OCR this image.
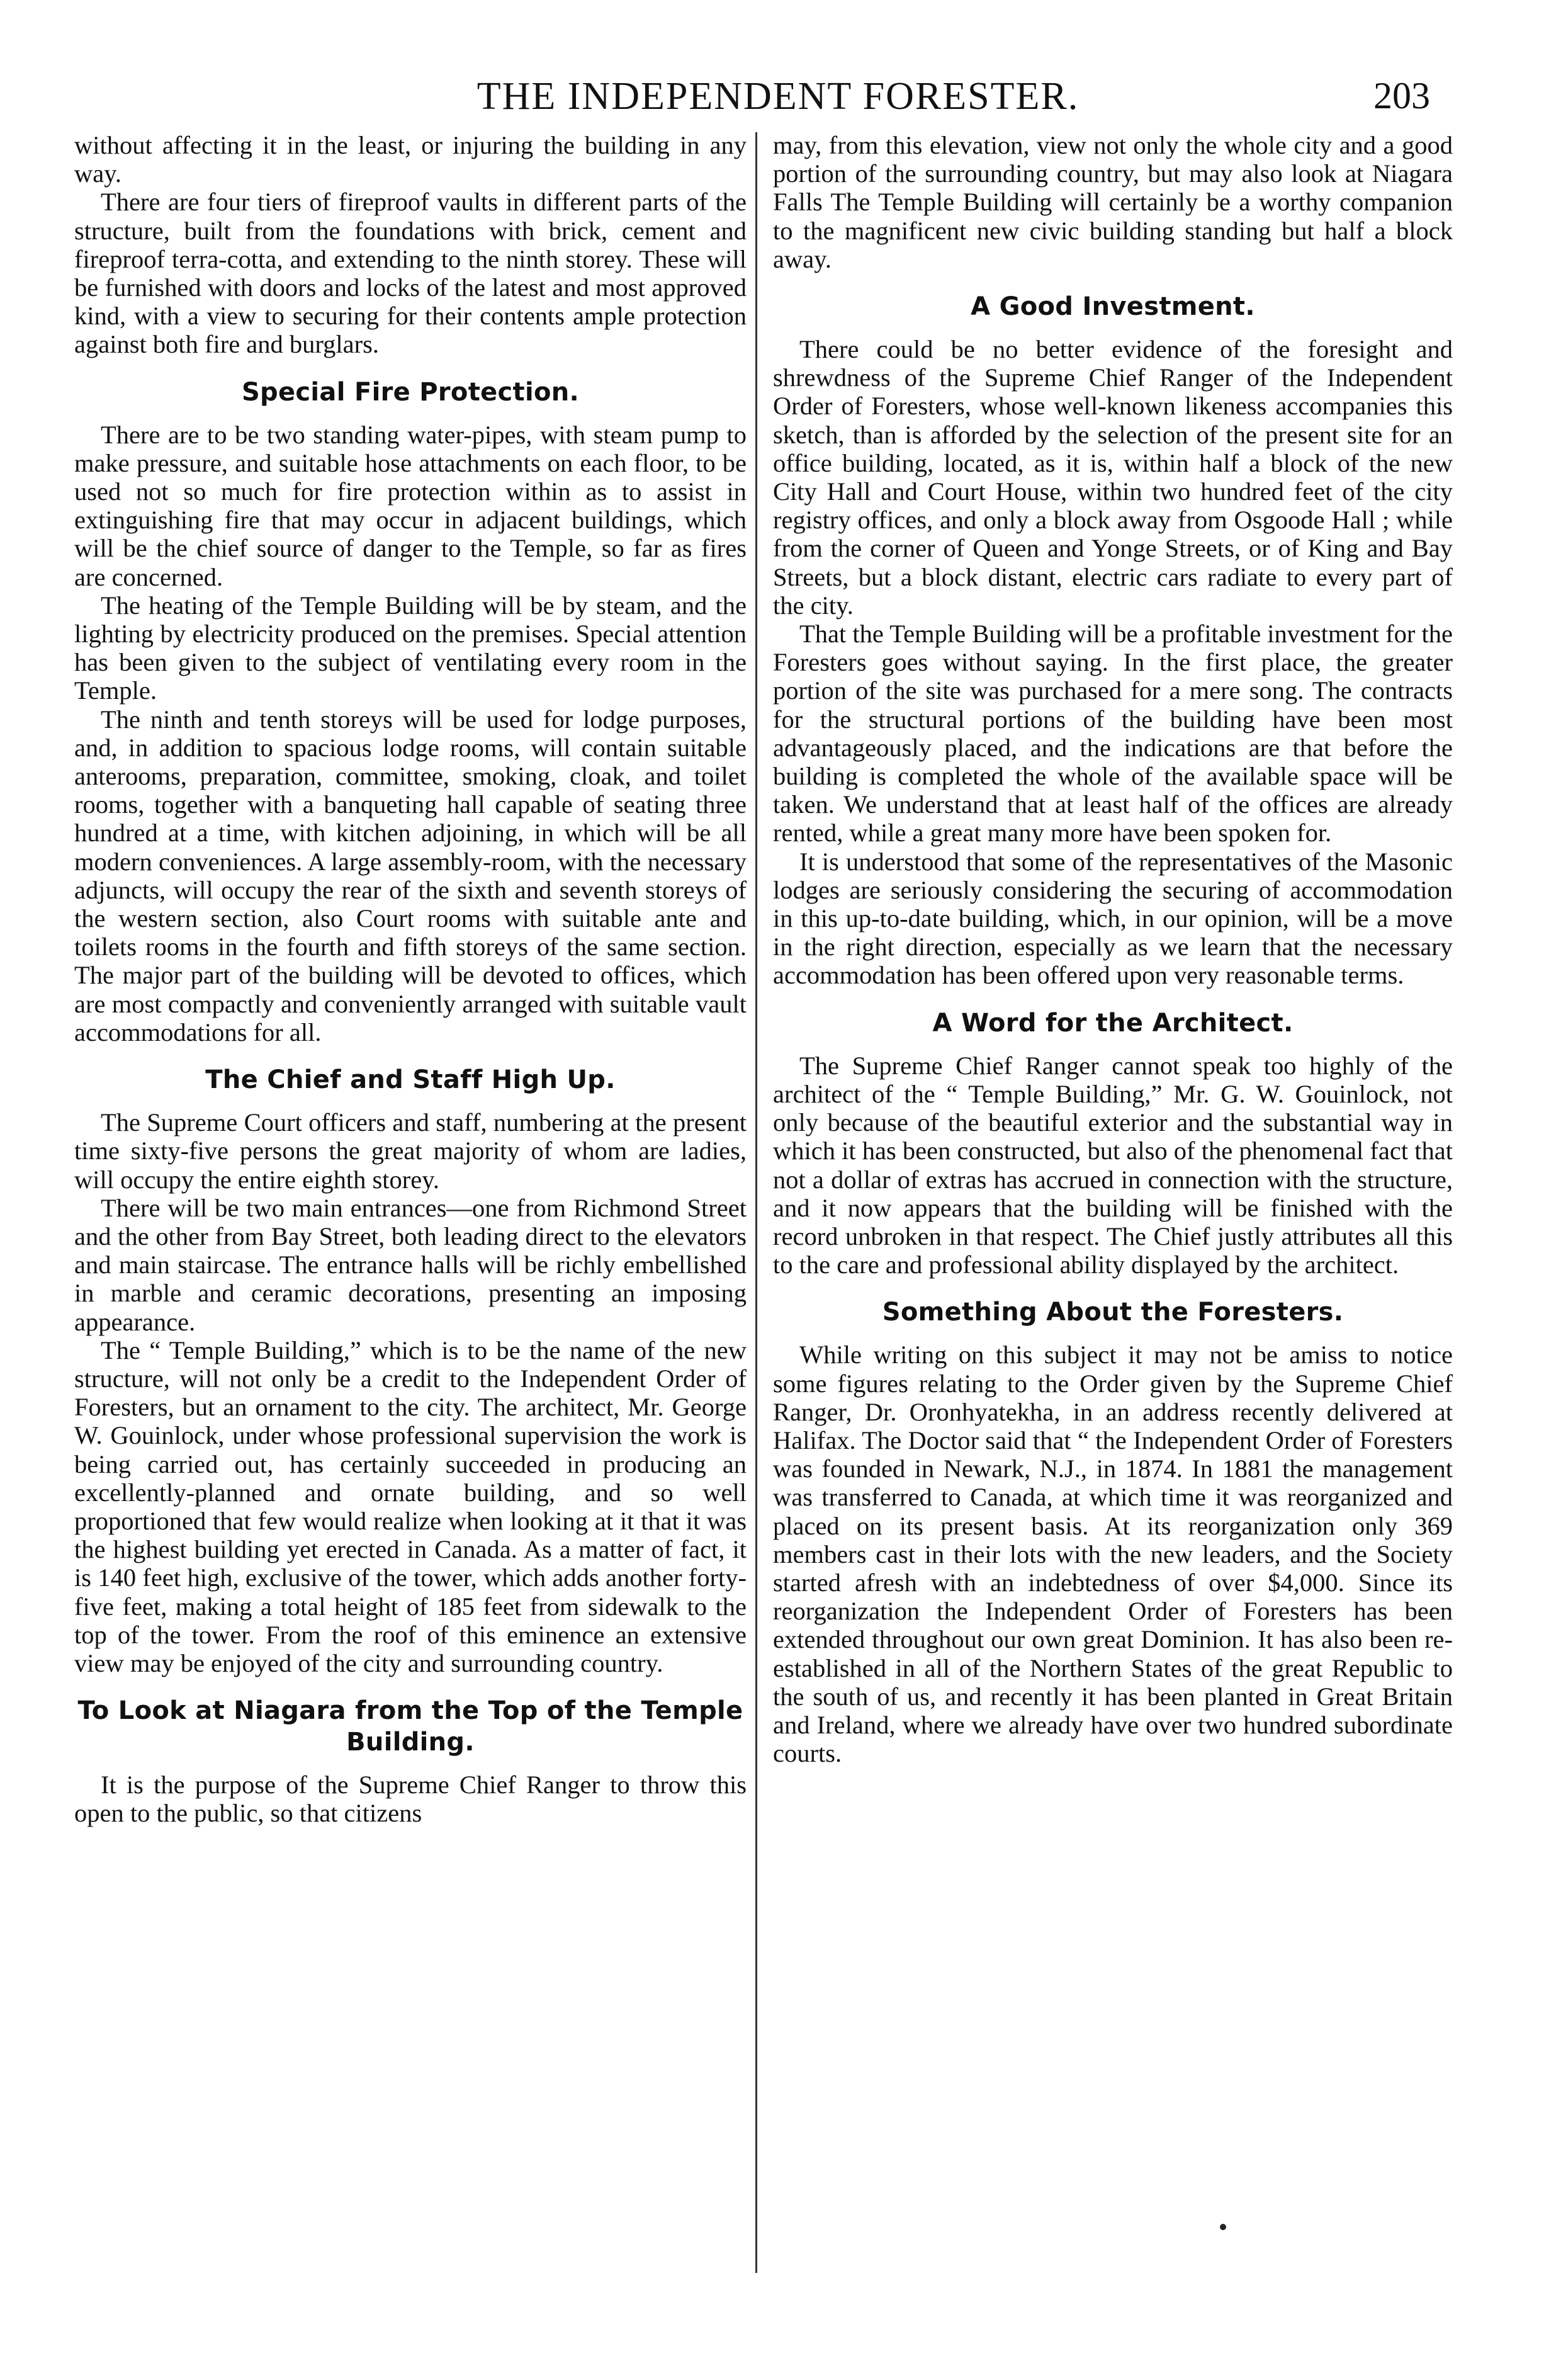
THE INDEPENDENT FORESTER.	203

without affecting it in the least, or injuring the building in any way.

There are four tiers of fireproof vaults in different parts of the structure, built from the foundations with brick, cement and fireproof terra-cotta, and extending to the ninth storey. These will be furnished with doors and locks of the latest and most approved kind, with a view to securing for their contents ample protection against both fire and burglars.

Special Fire Protection.

There are to be two standing water-pipes, with steam pump to make pressure, and suitable hose attachments on each floor, to be used not so much for fire protection within as to assist in extinguishing fire that may occur in adjacent buildings, which will be the chief source of danger to the Temple, so far as fires are concerned.

The heating of the Temple Building will be by steam, and the lighting by electricity produced on the premises. Special attention has been given to the subject of ventilating every room in the Temple.

The ninth and tenth storeys will be used for lodge purposes, and, in addition to spacious lodge rooms, will contain suitable anterooms, preparation, committee, smoking, cloak, and toilet rooms, together with a banqueting hall capable of seating three hundred at a time, with kitchen adjoining, in which will be all modern conveniences. A large assembly-room, with the necessary adjuncts, will occupy the rear of the sixth and seventh storeys of the western section, also Court rooms with suitable ante and toilets rooms in the fourth and fifth storeys of the same section. The major part of the building will be devoted to offices, which are most compactly and conveniently arranged with suitable vault accommodations for all.

The Chief and Staff High Up.

The Supreme Court officers and staff, numbering at the present time sixty-five persons the great majority of whom are ladies, will occupy the entire eighth storey.

There will be two main entrances—one from Richmond Street and the other from Bay Street, both leading direct to the elevators and main staircase. The entrance halls will be richly embellished in marble and ceramic decorations, presenting an imposing appearance.

The “ Temple Building,” which is to be the name of the new structure, will not only be a credit to the Independent Order of Foresters, but an ornament to the city. The architect, Mr. George W. Gouinlock, under whose professional supervision the work is being carried out, has certainly succeeded in producing an excellently-planned and ornate building, and so well proportioned that few would realize when looking at it that it was the highest building yet erected in Canada. As a matter of fact, it is 140 feet high, exclusive of the tower, which adds another forty-five feet, making a total height of 185 feet from sidewalk to the top of the tower. From the roof of this eminence an extensive view may be enjoyed of the city and surrounding country.

To Look at Niagara from the Top of the Temple Building.

It is the purpose of the Supreme Chief Ranger to throw this open to the public, so that citizens

may, from this elevation, view not only the whole city and a good portion of the surrounding country, but may also look at Niagara Falls The Temple Building will certainly be a worthy companion to the magnificent new civic building standing but half a block away.

A Good Investment.

There could be no better evidence of the foresight and shrewdness of the Supreme Chief Ranger of the Independent Order of Foresters, whose well-known likeness accompanies this sketch, than is afforded by the selection of the present site for an office building, located, as it is, within half a block of the new City Hall and Court House, within two hundred feet of the city registry offices, and only a block away from Osgoode Hall ; while from the corner of Queen and Yonge Streets, or of King and Bay Streets, but a block distant, electric cars radiate to every part of the city.

That the Temple Building will be a profitable investment for the Foresters goes without saying. In the first place, the greater portion of the site was purchased for a mere song. The contracts for the structural portions of the building have been most advantageously placed, and the indications are that before the building is completed the whole of the available space will be taken. We understand that at least half of the offices are already rented, while a great many more have been spoken for.

It is understood that some of the representatives of the Masonic lodges are seriously considering the securing of accommodation in this up-to-date building, which, in our opinion, will be a move in the right direction, especially as we learn that the necessary accommodation has been offered upon very reasonable terms.

A Word for the Architect.

The Supreme Chief Ranger cannot speak too highly of the architect of the “ Temple Building,” Mr. G. W. Gouinlock, not only because of the beautiful exterior and the substantial way in which it has been constructed, but also of the phenomenal fact that not a dollar of extras has accrued in connection with the structure, and it now appears that the building will be finished with the record unbroken in that respect. The Chief justly attributes all this to the care and professional ability displayed by the architect.

Something About the Foresters.

While writing on this subject it may not be amiss to notice some figures relating to the Order given by the Supreme Chief Ranger, Dr. Oronhyatekha, in an address recently delivered at Halifax. The Doctor said that “ the Independent Order of Foresters was founded in Newark, N.J., in 1874. In 1881 the management was transferred to Canada, at which time it was reorganized and placed on its present basis. At its reorganization only 369 members cast in their lots with the new leaders, and the Society started afresh with an indebtedness of over $4,000. Since its reorganization the Independent Order of Foresters has been extended throughout our own great Dominion. It has also been re-established in all of the Northern States of the great Republic to the south of us, and recently it has been planted in Great Britain and Ireland, where we already have over two hundred subordinate courts.
